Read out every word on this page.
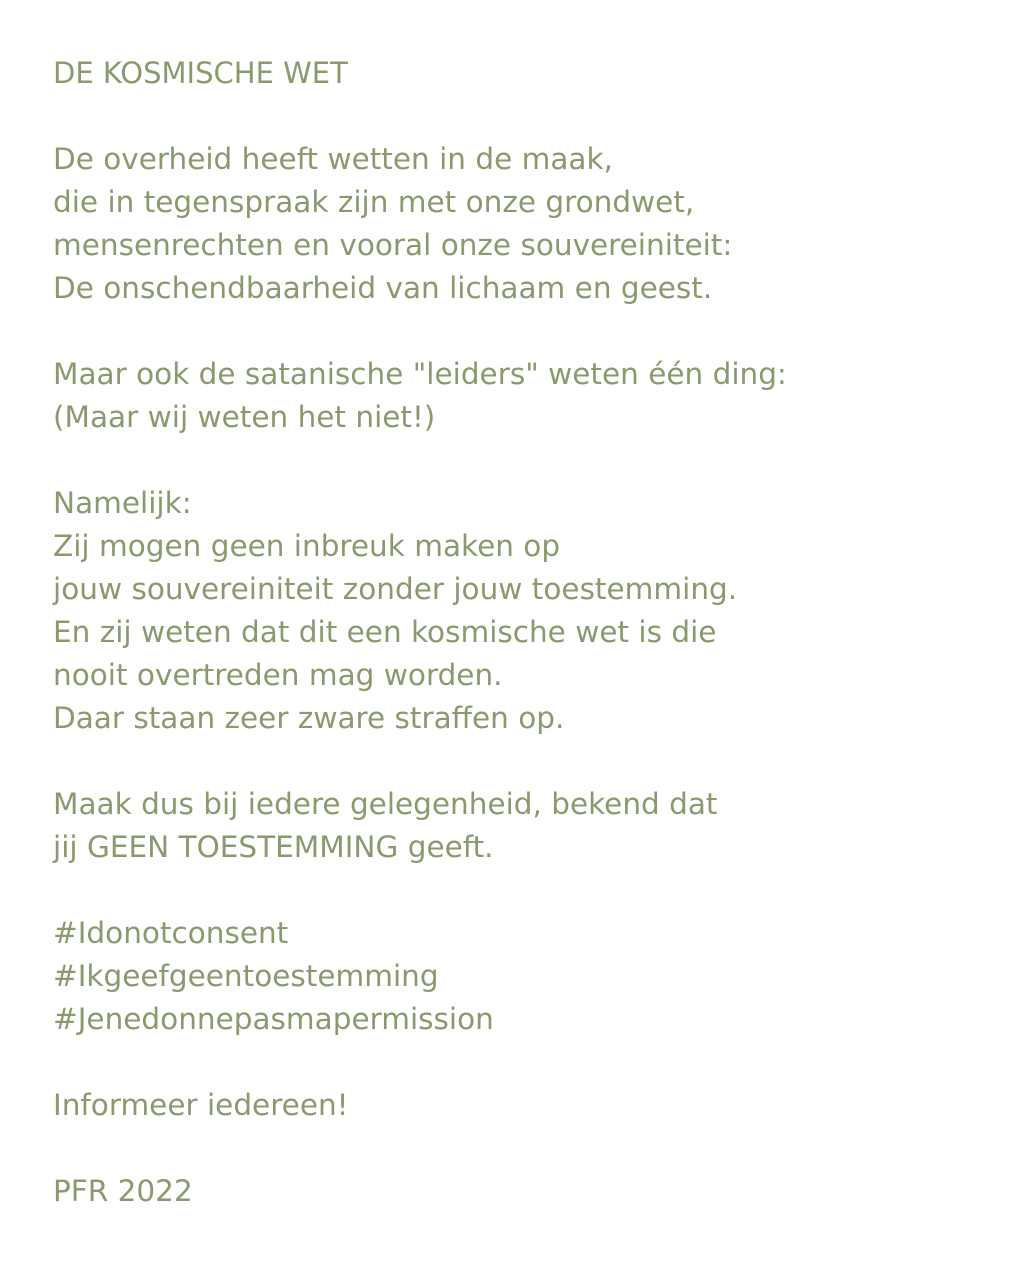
DE KOSMISCHE WET
De overheid heeft wetten in de maak,
die in tegenspraak zijn met onze grondwet,
mensenrechten en vooral onze souvereiniteit:
De onschendbaarheid van lichaam en geest.
Maar ook de satanische "leiders" weten één ding:
(Maar wij weten het niet!)
Namelijk:
Zij mogen geen inbreuk maken op
jouw souvereiniteit zonder jouw toestemming.
En zij weten dat dit een kosmische wet is die
nooit overtreden mag worden.
Daar staan zeer zware straffen op.
Maak dus bij iedere gelegenheid, bekend dat
jij GEEN TOESTEMMING geeft.
#Idonotconsent
#Ikgeefgeentoestemming
#Jenedonnepasmapermission
Informeer iedereen!
PFR 2022
